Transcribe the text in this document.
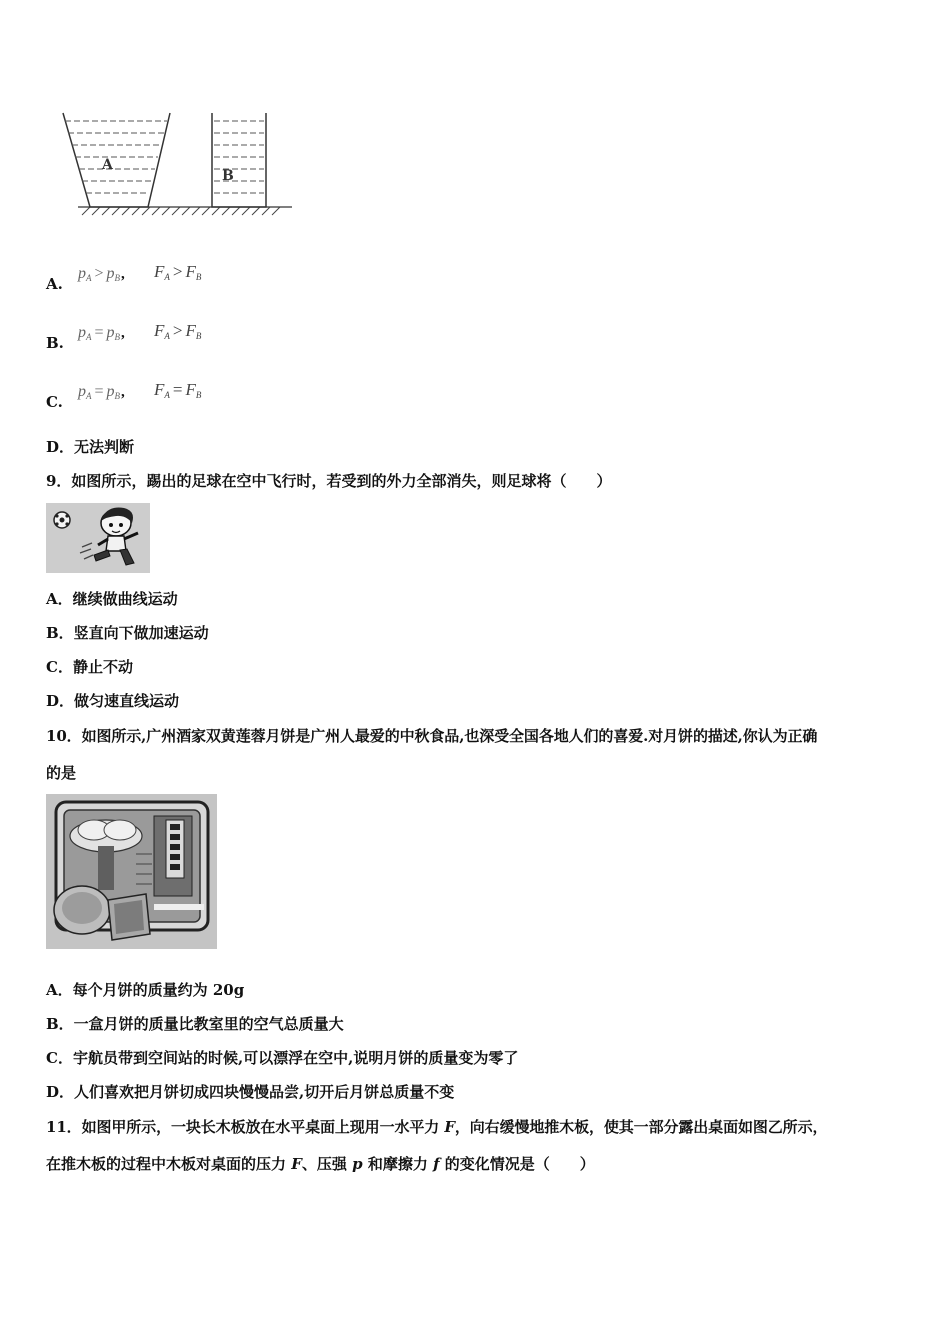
A
B
A.
$p_A > p_B$, $F_A > F_B$
B.
$p_A = p_B$, $F_A > F_B$
C.
$p_A = p_B$, $F_A = F_B$
D．无法判断
9．如图所示，踢出的足球在空中飞行时，若受到的外力全部消失，则足球将（　　）
A．继续做曲线运动
B．竖直向下做加速运动
C．静止不动
D．做匀速直线运动
10．如图所示,广州酒家双黄莲蓉月饼是广州人最爱的中秋食品,也深受全国各地人们的喜爱.对月饼的描述,你认为正确
的是
A．每个月饼的质量约为 20g
B．一盒月饼的质量比教室里的空气总质量大
C．宇航员带到空间站的时候,可以漂浮在空中,说明月饼的质量变为零了
D．人们喜欢把月饼切成四块慢慢品尝,切开后月饼总质量不变
11．如图甲所示，一块长木板放在水平桌面上现用一水平力 F，向右缓慢地推木板，使其一部分露出桌面如图乙所示，
在推木板的过程中木板对桌面的压力 F、压强 p 和摩擦力 f 的变化情况是（　　）
